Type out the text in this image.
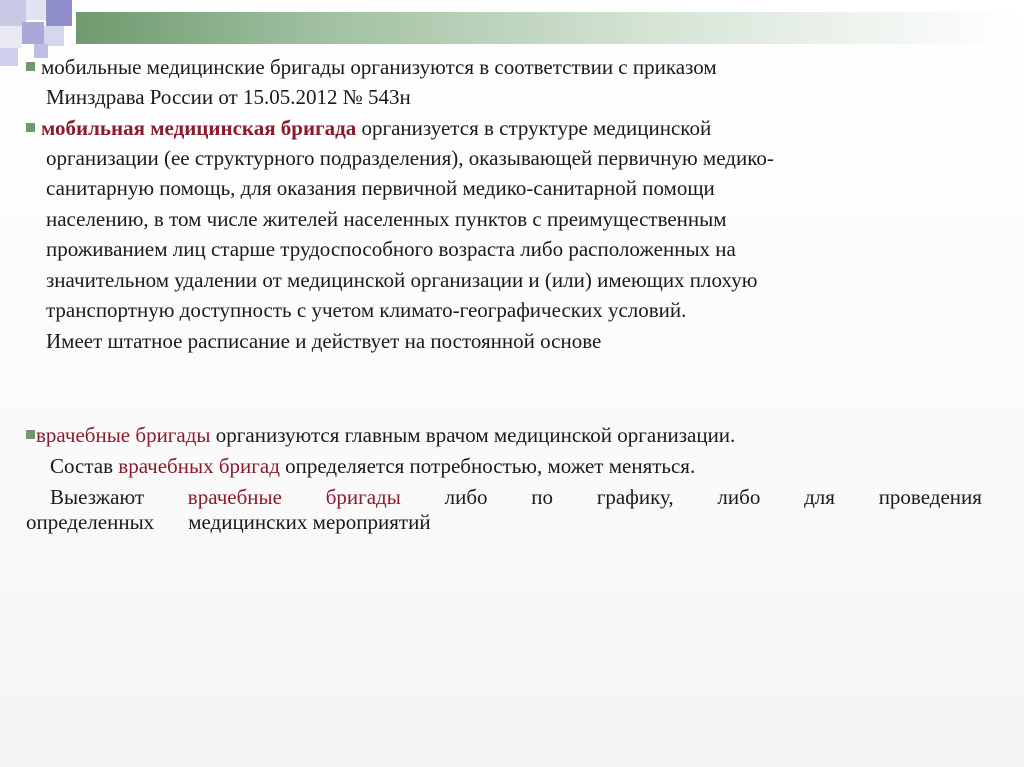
мобильные медицинские бригады организуются в соответствии с приказом
Минздрава России от 15.05.2012 № 543н
мобильная медицинская бригада организуется в структуре медицинской
организации (ее структурного подразделения), оказывающей первичную медико-
санитарную помощь, для оказания первичной медико-санитарной помощи
населению, в том числе жителей населенных пунктов с преимущественным
проживанием лиц старше трудоспособного возраста либо расположенных на
значительном удалении от медицинской организации и (или) имеющих плохую
транспортную доступность с учетом климато-географических условий.
Имеет штатное расписание и действует на постоянной основе
врачебные бригады организуются главным врачом медицинской организации.
Состав врачебных бригад определяется потребностью, может меняться.
Выезжают врачебные бригады либо по графику, либо для проведения
определенных медицинских мероприятий
